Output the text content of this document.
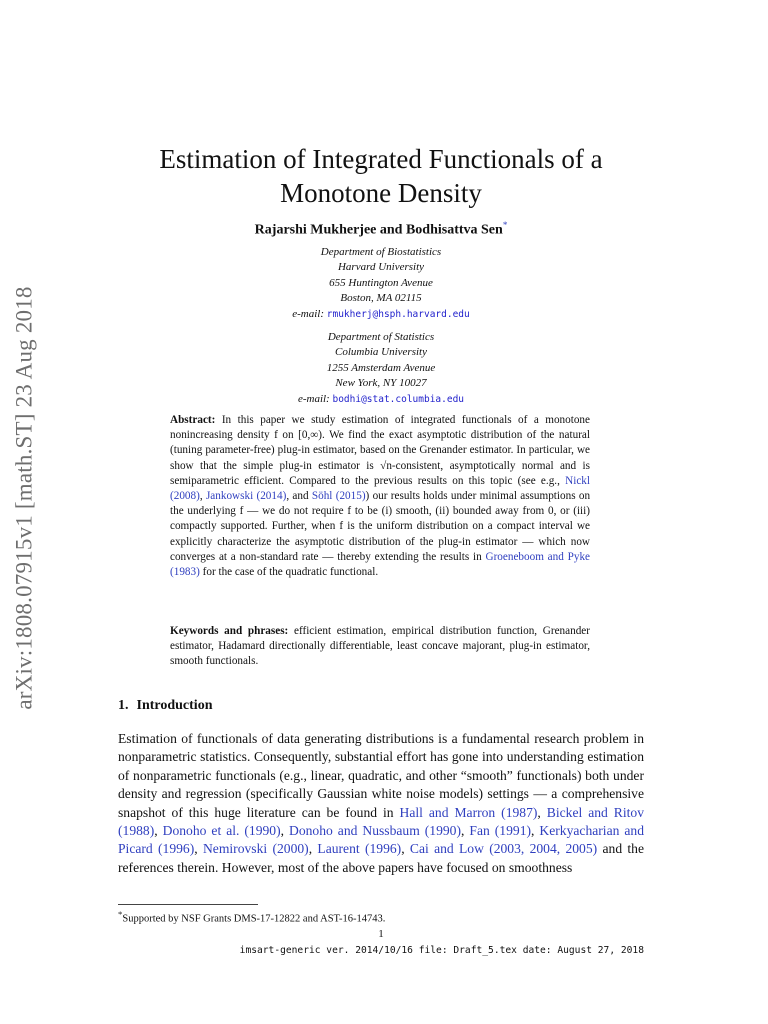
arXiv:1808.07915v1 [math.ST] 23 Aug 2018
Estimation of Integrated Functionals of a
Monotone Density
Rajarshi Mukherjee and Bodhisattva Sen*
Department of Biostatistics
Harvard University
655 Huntington Avenue
Boston, MA 02115
e-mail: rmukherj@hsph.harvard.edu
Department of Statistics
Columbia University
1255 Amsterdam Avenue
New York, NY 10027
e-mail: bodhi@stat.columbia.edu

Abstract: In this paper we study estimation of integrated functionals of a monotone nonincreasing density f on [0,∞). We find the exact asymptotic distribution of the natural (tuning parameter-free) plug-in estimator, based on the Grenander estimator. In particular, we show that the simple plug-in estimator is √n-consistent, asymptotically normal and is semiparametric efficient. Compared to the previous results on this topic (see e.g., Nickl (2008), Jankowski (2014), and Söhl (2015)) our results holds under minimal assumptions on the underlying f — we do not require f to be (i) smooth, (ii) bounded away from 0, or (iii) compactly supported. Further, when f is the uniform distribution on a compact interval we explicitly characterize the asymptotic distribution of the plug-in estimator — which now converges at a non-standard rate — thereby extending the results in Groeneboom and Pyke (1983) for the case of the quadratic functional.

Keywords and phrases: efficient estimation, empirical distribution function, Grenander estimator, Hadamard directionally differentiable, least concave majorant, plug-in estimator, smooth functionals.

1. Introduction

Estimation of functionals of data generating distributions is a fundamental research problem in nonparametric statistics. Consequently, substantial effort has gone into understanding estimation of nonparametric functionals (e.g., linear, quadratic, and other “smooth” functionals) both under density and regression (specifically Gaussian white noise models) settings — a comprehensive snapshot of this huge literature can be found in Hall and Marron (1987), Bickel and Ritov (1988), Donoho et al. (1990), Donoho and Nussbaum (1990), Fan (1991), Kerkyacharian and Picard (1996), Nemirovski (2000), Laurent (1996), Cai and Low (2003, 2004, 2005) and the references therein. However, most of the above papers have focused on smoothness

*Supported by NSF Grants DMS-17-12822 and AST-16-14743.
1
imsart-generic ver. 2014/10/16 file: Draft_5.tex date: August 27, 2018
